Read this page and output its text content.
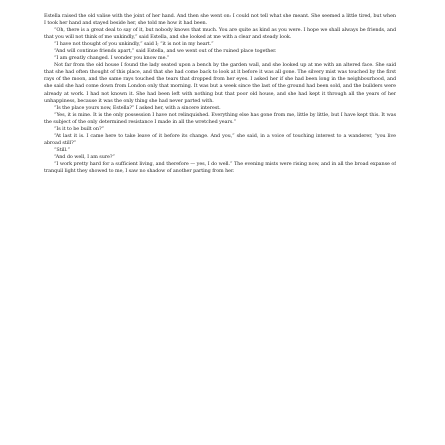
Estella raised the old valise with the joint of her hand. And then she went on: I could not tell what she meant. She seemed a little tired, but when I took her hand and stayed beside her, she told me how it had been.

“Oh, there is a great deal to say of it, but nobody knows that much. You are quite as kind as you were. I hope we shall always be friends, and that you will not think of me unkindly,” said Estella, and she looked at me with a clear and steady look.

“I have not thought of you unkindly,” said I; “it is not in my heart.”

“And will continue friends apart,” said Estella, and we went out of the ruined place together.

“I am greatly changed. I wonder you know me.”

Not far from the old house I found the lady seated upon a bench by the garden wall, and she looked up at me with an altered face. She said that she had often thought of this place, and that she had come back to look at it before it was all gone. The silvery mist was touched by the first rays of the moon, and the same rays touched the tears that dropped from her eyes. I asked her if she had been long in the neighbourhood, and she said she had come down from London only that morning. It was but a week since the last of the ground had been sold, and the builders were already at work. I had not known it. She had been left with nothing but that poor old house, and she had kept it through all the years of her unhappiness, because it was the only thing she had never parted with.

“Is the place yours now, Estella?” I asked her, with a sincere interest.

“Yes, it is mine. It is the only possession I have not relinquished. Everything else has gone from me, little by little, but I have kept this. It was the subject of the only determined resistance I made in all the wretched years.”

“Is it to be built on?”

“At last it is. I came here to take leave of it before its change. And you,” she said, in a voice of touching interest to a wanderer, “you live abroad still?”

“Still.”

“And do well, I am sure?”

“I work pretty hard for a sufficient living, and therefore — yes, I do well.” The evening mists were rising now, and in all the broad expanse of tranquil light they showed to me, I saw no shadow of another parting from her.
